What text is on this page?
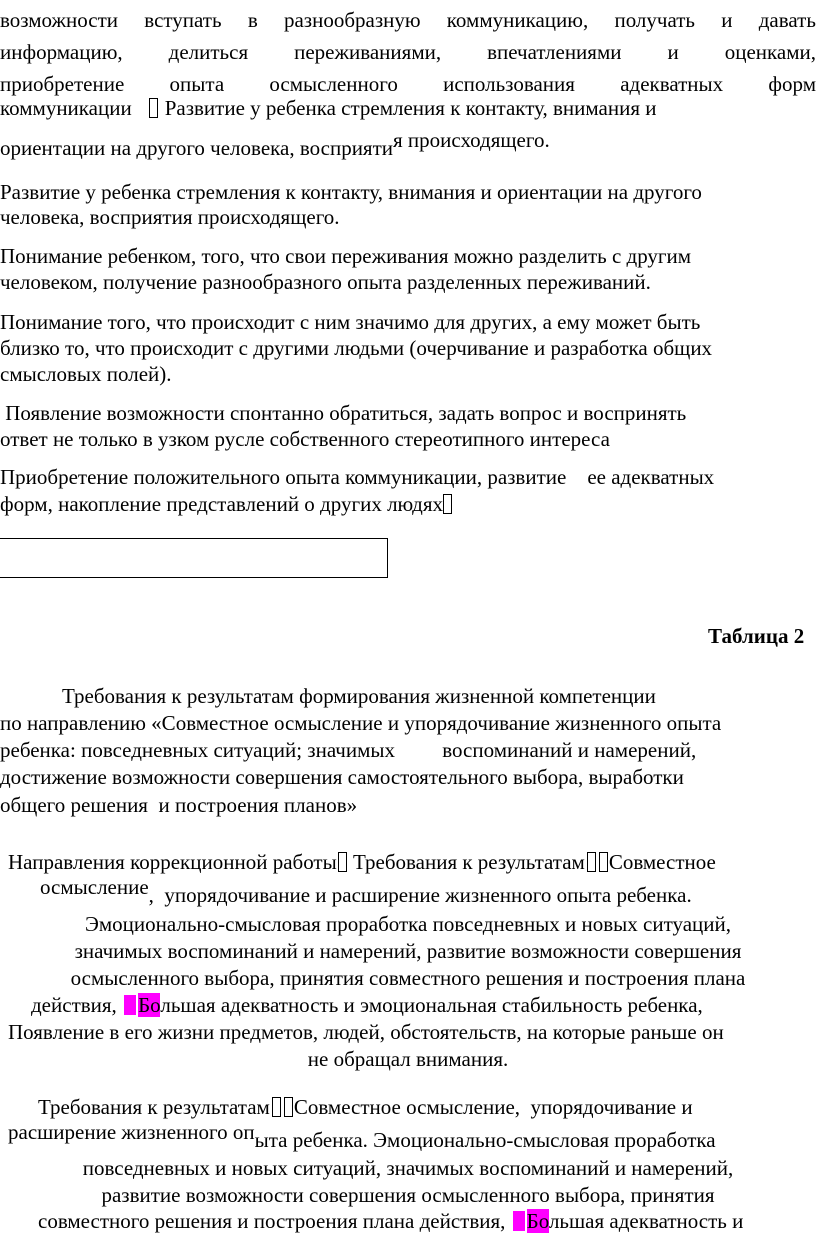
возможности вступать в разнообразную коммуникацию, получать и давать
информацию, делиться переживаниями, впечатлениями и оценками,
приобретение опыта осмысленного использования адекватных форм
коммуникации Развитие у ребенка стремления к контакту, внимания и
ориентации на другого человека, восприятия происходящего.
Развитие у ребенка стремления к контакту, внимания и ориентации на другого
человека, восприятия происходящего.
Понимание ребенком, того, что свои переживания можно разделить с другим
человеком, получение разнообразного опыта разделенных переживаний.
Понимание того, что происходит с ним значимо для других, а ему может быть
близко то, что происходит с другими людьми (очерчивание и разработка общих
смысловых полей).
Появление возможности спонтанно обратиться, задать вопрос и воспринять
ответ не только в узком русле собственного стереотипного интереса
Приобретение положительного опыта коммуникации, развитие    ее адекватных
форм, накопление представлений о других людях
Таблица 2
Требования к результатам формирования жизненной компетенции
по направлению «Совместное осмысление и упорядочивание жизненного опыта
ребенка: повседневных ситуаций; значимых         воспоминаний и намерений,
достижение возможности совершения самостоятельного выбора, выработки
общего решения  и построения планов»
Направления коррекционной работы Требования к результатам Совместное
осмысление,  упорядочивание и расширение жизненного опыта ребенка.
Эмоционально-смысловая проработка повседневных и новых ситуаций,
значимых воспоминаний и намерений, развитие возможности совершения
осмысленного выбора, принятия совместного решения и построения плана
действия, Большая адекватность и эмоциональная стабильность ребенка,
Появление в его жизни предметов, людей, обстоятельств, на которые раньше он
не обращал внимания.
Требования к результатам Совместное осмысление,  упорядочивание и
расширение жизненного опыта ребенка. Эмоционально-смысловая проработка
повседневных и новых ситуаций, значимых воспоминаний и намерений,
развитие возможности совершения осмысленного выбора, принятия
совместного решения и построения плана действия, Большая адекватность и
